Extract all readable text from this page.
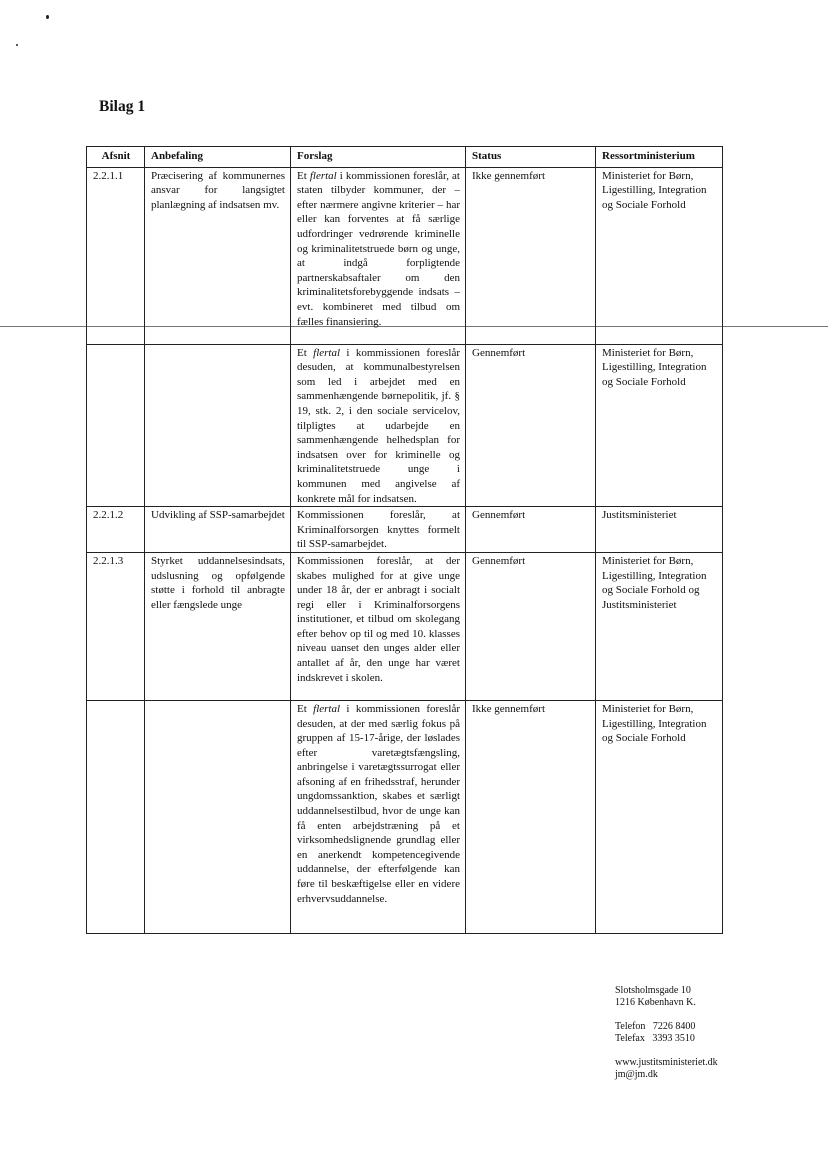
Bilag 1
Afsnit	Anbefaling	Forslag	Status	Ressortministerium
2.2.1.1	Præcisering af kommunernes ansvar for langsigtet planlægning af indsatsen mv.	Et flertal i kommissionen foreslår, at staten tilbyder kommuner, der – efter nærmere angivne kriterier – har eller kan forventes at få særlige udfordringer vedrørende kriminelle og kriminalitetstruede børn og unge, at indgå forpligtende partnerskabsaftaler om den kriminalitetsforebyggende indsats – evt. kombineret med tilbud om fælles finansiering.	Ikke gennemført	Ministeriet for Børn, Ligestilling, Integration og Sociale Forhold
		Et flertal i kommissionen foreslår desuden, at kommunalbestyrelsen som led i arbejdet med en sammenhængende børnepolitik, jf. § 19, stk. 2, i den sociale servicelov, tilpligtes at udarbejde en sammenhængende helhedsplan for indsatsen over for kriminelle og kriminalitetstruede unge i kommunen med angivelse af konkrete mål for indsatsen.	Gennemført	Ministeriet for Børn, Ligestilling, Integration og Sociale Forhold
2.2.1.2	Udvikling af SSP-samarbejdet	Kommissionen foreslår, at Kriminalforsorgen knyttes formelt til SSP-samarbejdet.	Gennemført	Justitsministeriet
2.2.1.3	Styrket uddannelsesindsats, udslusning og opfølgende støtte i forhold til anbragte eller fængslede unge	Kommissionen foreslår, at der skabes mulighed for at give unge under 18 år, der er anbragt i socialt regi eller i Kriminalforsorgens institutioner, et tilbud om skolegang efter behov op til og med 10. klasses niveau uanset den unges alder eller antallet af år, den unge har været indskrevet i skolen.	Gennemført	Ministeriet for Børn, Ligestilling, Integration og Sociale Forhold og Justitsministeriet
		Et flertal i kommissionen foreslår desuden, at der med særlig fokus på gruppen af 15-17-årige, der løslades efter varetægtsfængsling, anbringelse i varetægtssurrogat eller afsoning af en frihedsstraf, herunder ungdomssanktion, skabes et særligt uddannelsestilbud, hvor de unge kan få enten arbejdstræning på et virksomhedslignende grundlag eller en anerkendt kompetencegivende uddannelse, der efterfølgende kan føre til beskæftigelse eller en videre erhvervsuddannelse.	Ikke gennemført	Ministeriet for Børn, Ligestilling, Integration og Sociale Forhold
Slotsholmsgade 10
1216 København K.
Telefon   7226 8400
Telefax   3393 3510
www.justitsministeriet.dk
jm@jm.dk
